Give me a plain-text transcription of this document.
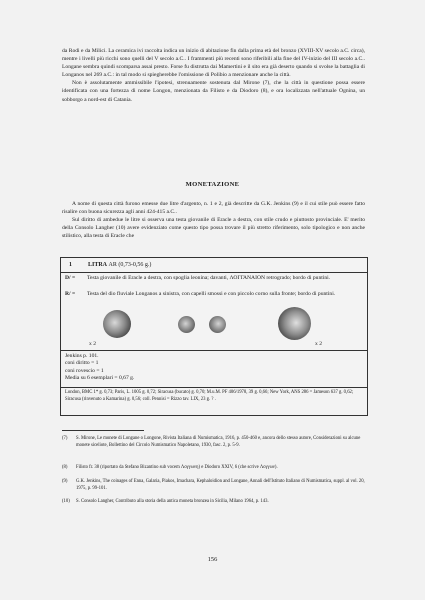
da Rodi e da Milici. La ceramica ivi raccolta indica un inizio di abitazione fin dalla prima età del bronzo (XVIII-XV secolo a.C. circa), mentre i livelli più ricchi sono quelli del V secolo a.C.. I frammenti più recenti sono riferibili alla fine del IV-inizio del III secolo a.C.. Longane sembra quindi scomparsa assai presto. Forse fu distrutta dai Mamertini e il sito era già deserto quando si svolse la battaglia di Longanos nel 269 a.C.: in tal modo si spiegherebbe l'omissione di Polibio a menzionare anche la città.

Non è assolutamente ammissibile l'ipotesi, strenuamente sostenuta dal Mirone (7), che la città in questione possa essere identificata con una fortezza di nome Longon, menzionata da Filisto e da Diodoro (8), e ora localizzata nell'attuale Ognina, un sobborgo a nord-est di Catania.

MONETAZIONE

A nome di questa città furono emesse due litre d'argento, n. 1 e 2, già descritte da G.K. Jenkins (9) e il cui stile può essere fatto risalire con buona sicurezza agli anni 424-415 a.C..

Sul diritto di ambedue le litre si osserva una testa giovanile di Eracle a destra, con stile crudo e piuttosto provinciale. E' merito della Consolo Langher (10) avere evidenziato come questo tipo possa trovare il più stretto riferimento, solo tipologico e non anche stilistico, alla testa di Eracle che

1	LITRA AR (0,73-0,56 g.)
D/ = Testa giovanile di Eracle a destra, con spoglia leonina; davanti, ΛΟΓΓΑΝΑΙΟΝ retrogrado; bordo di puntini.
R/ = Testa del dio fluviale Longanos a sinistra, con capelli smossi e con piccolo corno sulla fronte; bordo di puntini.
x 2	x 2
Jenkins p. 101.
coni diritto = 1
coni rovescio = 1
Media su 6 esemplari = 0,67 g.
London, BMC 1* g. 0,73; Paris, L. 1005 g. 0,72; Siracusa (bucato) g. 0,70; M.u.M. PF 406/1978, 39 g. 0,66; New York, ANS 286 = Jameson 637 g. 0,62; Siracusa (rinvenuto a Kamarina) g. 0,56; coll. Pennisi = Rizzo tav. LIX, 23 g. ? .
(7) S. Mirone, Le monete di Longane o Longone, Rivista Italiana di Numismatica, 1916, p. 450-460 e, ancora dello stesso autore, Considerazioni su alcune monete siceliote, Bollettino del Circolo Numismatico Napoletano, 1930, fasc. 2, p. 5-9.
(8) Filisto fr. 38 (riportato da Stefano Bizantino sub vocem Λογγωνη) e Diodoro XXIV, 6 (che scrive Λογγων).
(9) G.K. Jenkins, The coinages of Enna, Galaria, Piakos, Imachara, Kephaloidion and Longane, Annali dell'Istituto Italiano di Numismatica, suppl. al vol. 20, 1975, p. 99-101.
(10) S. Consolo Langher, Contributo alla storia della antica moneta bronzea in Sicilia, Milano 1964, p. 143.
156
